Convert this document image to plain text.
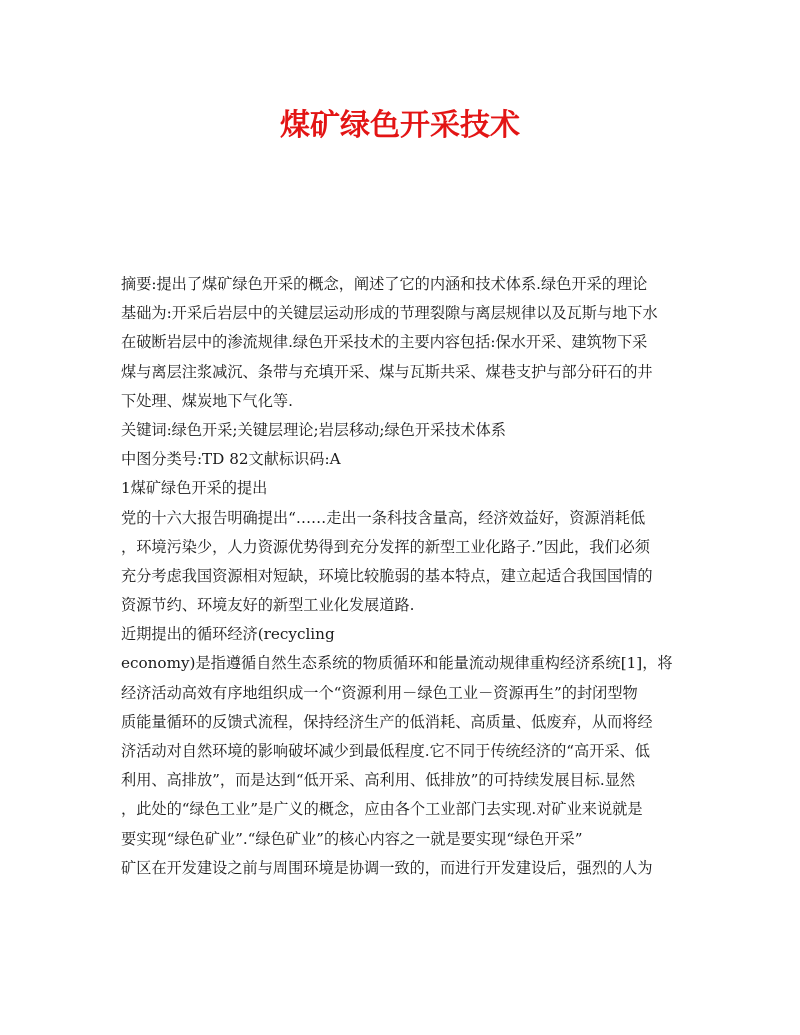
煤矿绿色开采技术
摘要:提出了煤矿绿色开采的概念，阐述了它的内涵和技术体系.绿色开采的理论
基础为:开采后岩层中的关键层运动形成的节理裂隙与离层规律以及瓦斯与地下水
在破断岩层中的渗流规律.绿色开采技术的主要内容包括:保水开采、建筑物下采
煤与离层注浆减沉、条带与充填开采、煤与瓦斯共采、煤巷支护与部分矸石的井
下处理、煤炭地下气化等.
关键词:绿色开采;关键层理论;岩层移动;绿色开采技术体系
中图分类号:TD 82文献标识码:A
1煤矿绿色开采的提出
党的十六大报告明确提出“……走出一条科技含量高，经济效益好，资源消耗低
，环境污染少，人力资源优势得到充分发挥的新型工业化路子.”因此，我们必须
充分考虑我国资源相对短缺，环境比较脆弱的基本特点，建立起适合我国国情的
资源节约、环境友好的新型工业化发展道路.
近期提出的循环经济(recycling
economy)是指遵循自然生态系统的物质循环和能量流动规律重构经济系统[1]，将
经济活动高效有序地组织成一个“资源利用－绿色工业－资源再生”的封闭型物
质能量循环的反馈式流程，保持经济生产的低消耗、高质量、低废弃，从而将经
济活动对自然环境的影响破坏减少到最低程度.它不同于传统经济的“高开采、低
利用、高排放”，而是达到“低开采、高利用、低排放”的可持续发展目标.显然
，此处的“绿色工业”是广义的概念，应由各个工业部门去实现.对矿业来说就是
要实现“绿色矿业”.“绿色矿业”的核心内容之一就是要实现“绿色开采”
矿区在开发建设之前与周围环境是协调一致的，而进行开发建设后，强烈的人为
